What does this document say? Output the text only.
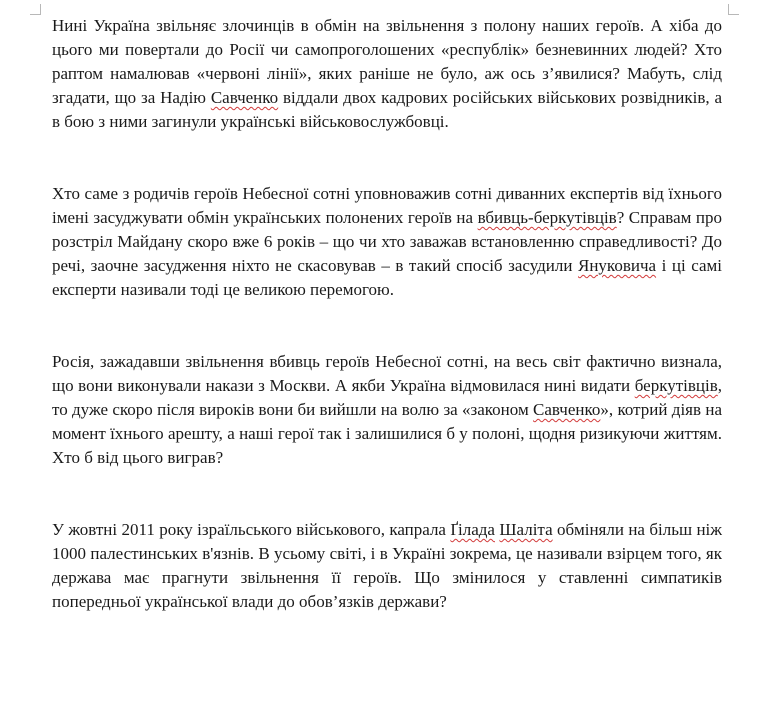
Нині Україна звільняє злочинців в обмін на звільнення з полону наших героїв. А хіба до цього ми повертали до Росії чи самопроголошених «республік» безневинних людей? Хто раптом намалював «червоні лінії», яких раніше не було, аж ось з’явилися? Мабуть, слід згадати, що за Надію Савченко віддали двох кадрових російських військових розвідників, а в бою з ними загинули українські військовослужбовці.

Хто саме з родичів героїв Небесної сотні уповноважив сотні диванних експертів від їхнього імені засуджувати обмін українських полонених героїв на вбивць-беркутівців? Справам про розстріл Майдану скоро вже 6 років – що чи хто заважав встановленню справедливості? До речі, заочне засудження ніхто не скасовував – в такий спосіб засудили Януковича і ці самі експерти називали тоді це великою перемогою.

Росія, зажадавши звільнення вбивць героїв Небесної сотні, на весь світ фактично визнала, що вони виконували накази з Москви. А якби Україна відмовилася нині видати беркутівців, то дуже скоро після вироків вони би вийшли на волю за «законом Савченко», котрий діяв на момент їхнього арешту, а наші герої так і залишилися б у полоні, щодня ризикуючи життям. Хто б від цього виграв?

У жовтні 2011 року ізраїльського військового, капрала Ґілада Шаліта обміняли на більш ніж 1000 палестинських в'язнів. В усьому світі, і в Україні зокрема, це називали взірцем того, як держава має прагнути звільнення її героїв. Що змінилося у ставленні симпатиків попередньої української влади до обов’язків держави?
